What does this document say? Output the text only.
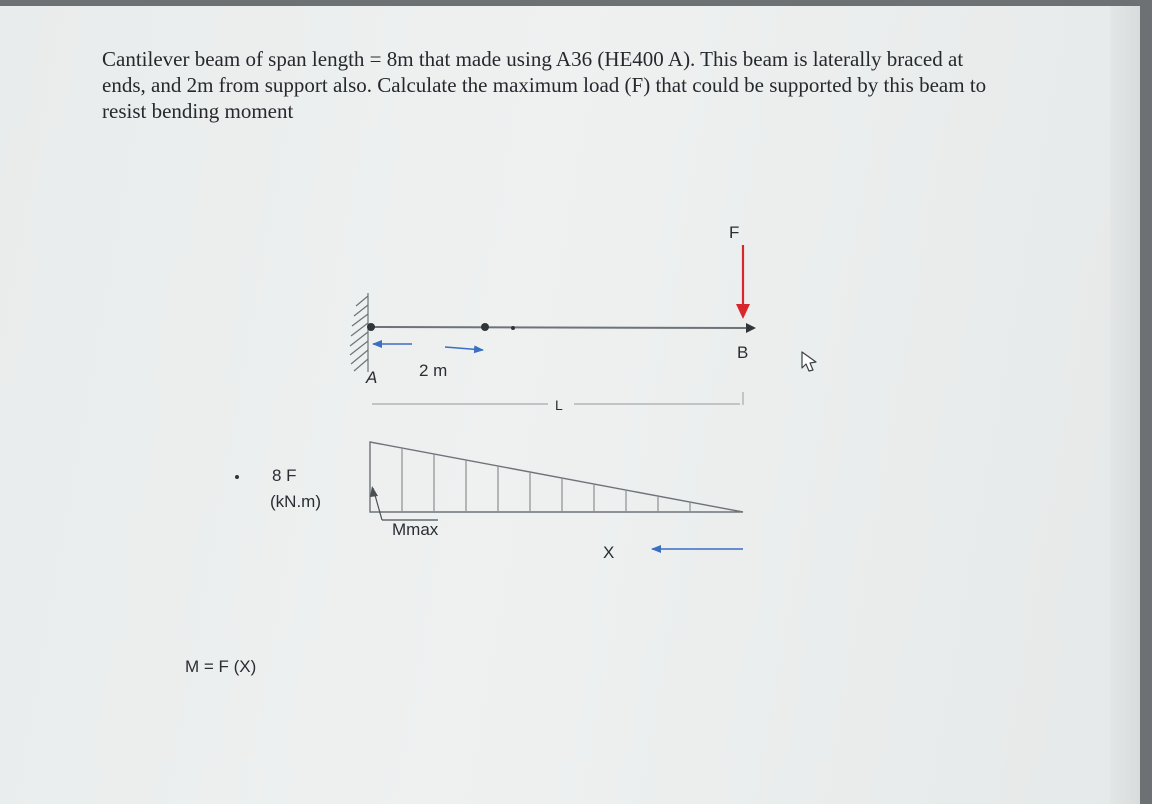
Cantilever beam of span length = 8m that made using A36 (HE400 A). This beam is laterally braced at ends, and 2m from support also. Calculate the maximum load (F) that could be supported by this beam to resist bending moment

F
B
A 2 m
L
Mmax
X
8 F
(kN.m)
M = F (X)
